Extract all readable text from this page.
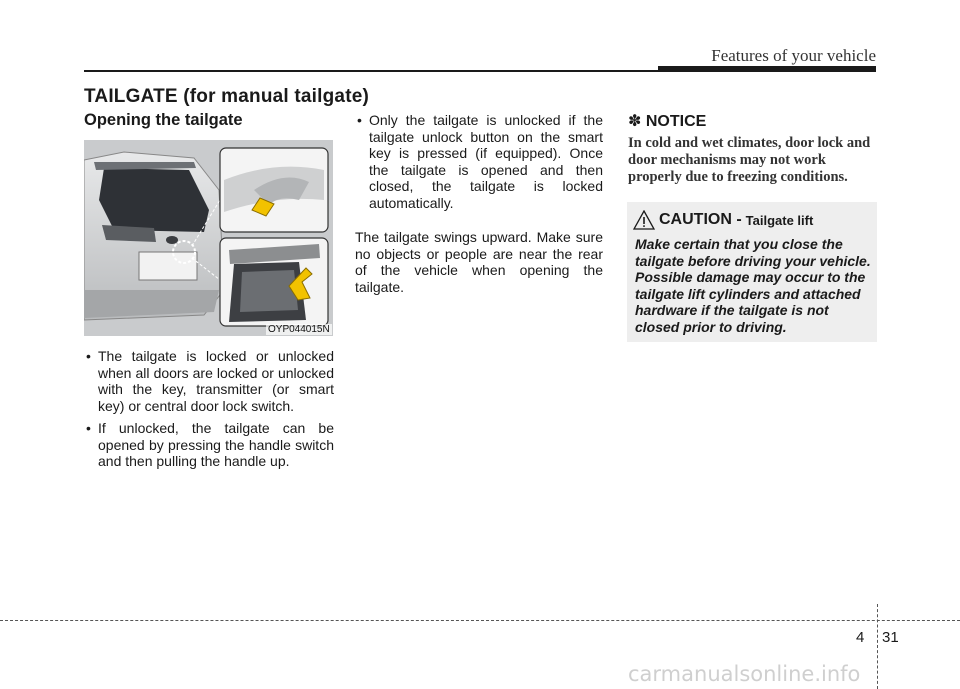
Features of your vehicle
TAILGATE (for manual tailgate)
Opening the tailgate
OYP044015N
• The tailgate is locked or unlocked when all doors are locked or unlocked with the key, transmitter (or smart key) or central door lock switch.
• If unlocked, the tailgate can be opened by pressing the handle switch and then pulling the handle up.

• Only the tailgate is unlocked if the tailgate unlock button on the smart key is pressed (if equipped). Once the tailgate is opened and then closed, the tailgate is locked automatically.

The tailgate swings upward. Make sure no objects or people are near the rear of the vehicle when opening the tailgate.

✽ NOTICE
In cold and wet climates, door lock and door mechanisms may not work properly due to freezing conditions.
CAUTION - Tailgate lift
Make certain that you close the tailgate before driving your vehicle. Possible damage may occur to the tailgate lift cylinders and attached hardware if the tailgate is not closed prior to driving.
4 31
carmanualsonline.info
